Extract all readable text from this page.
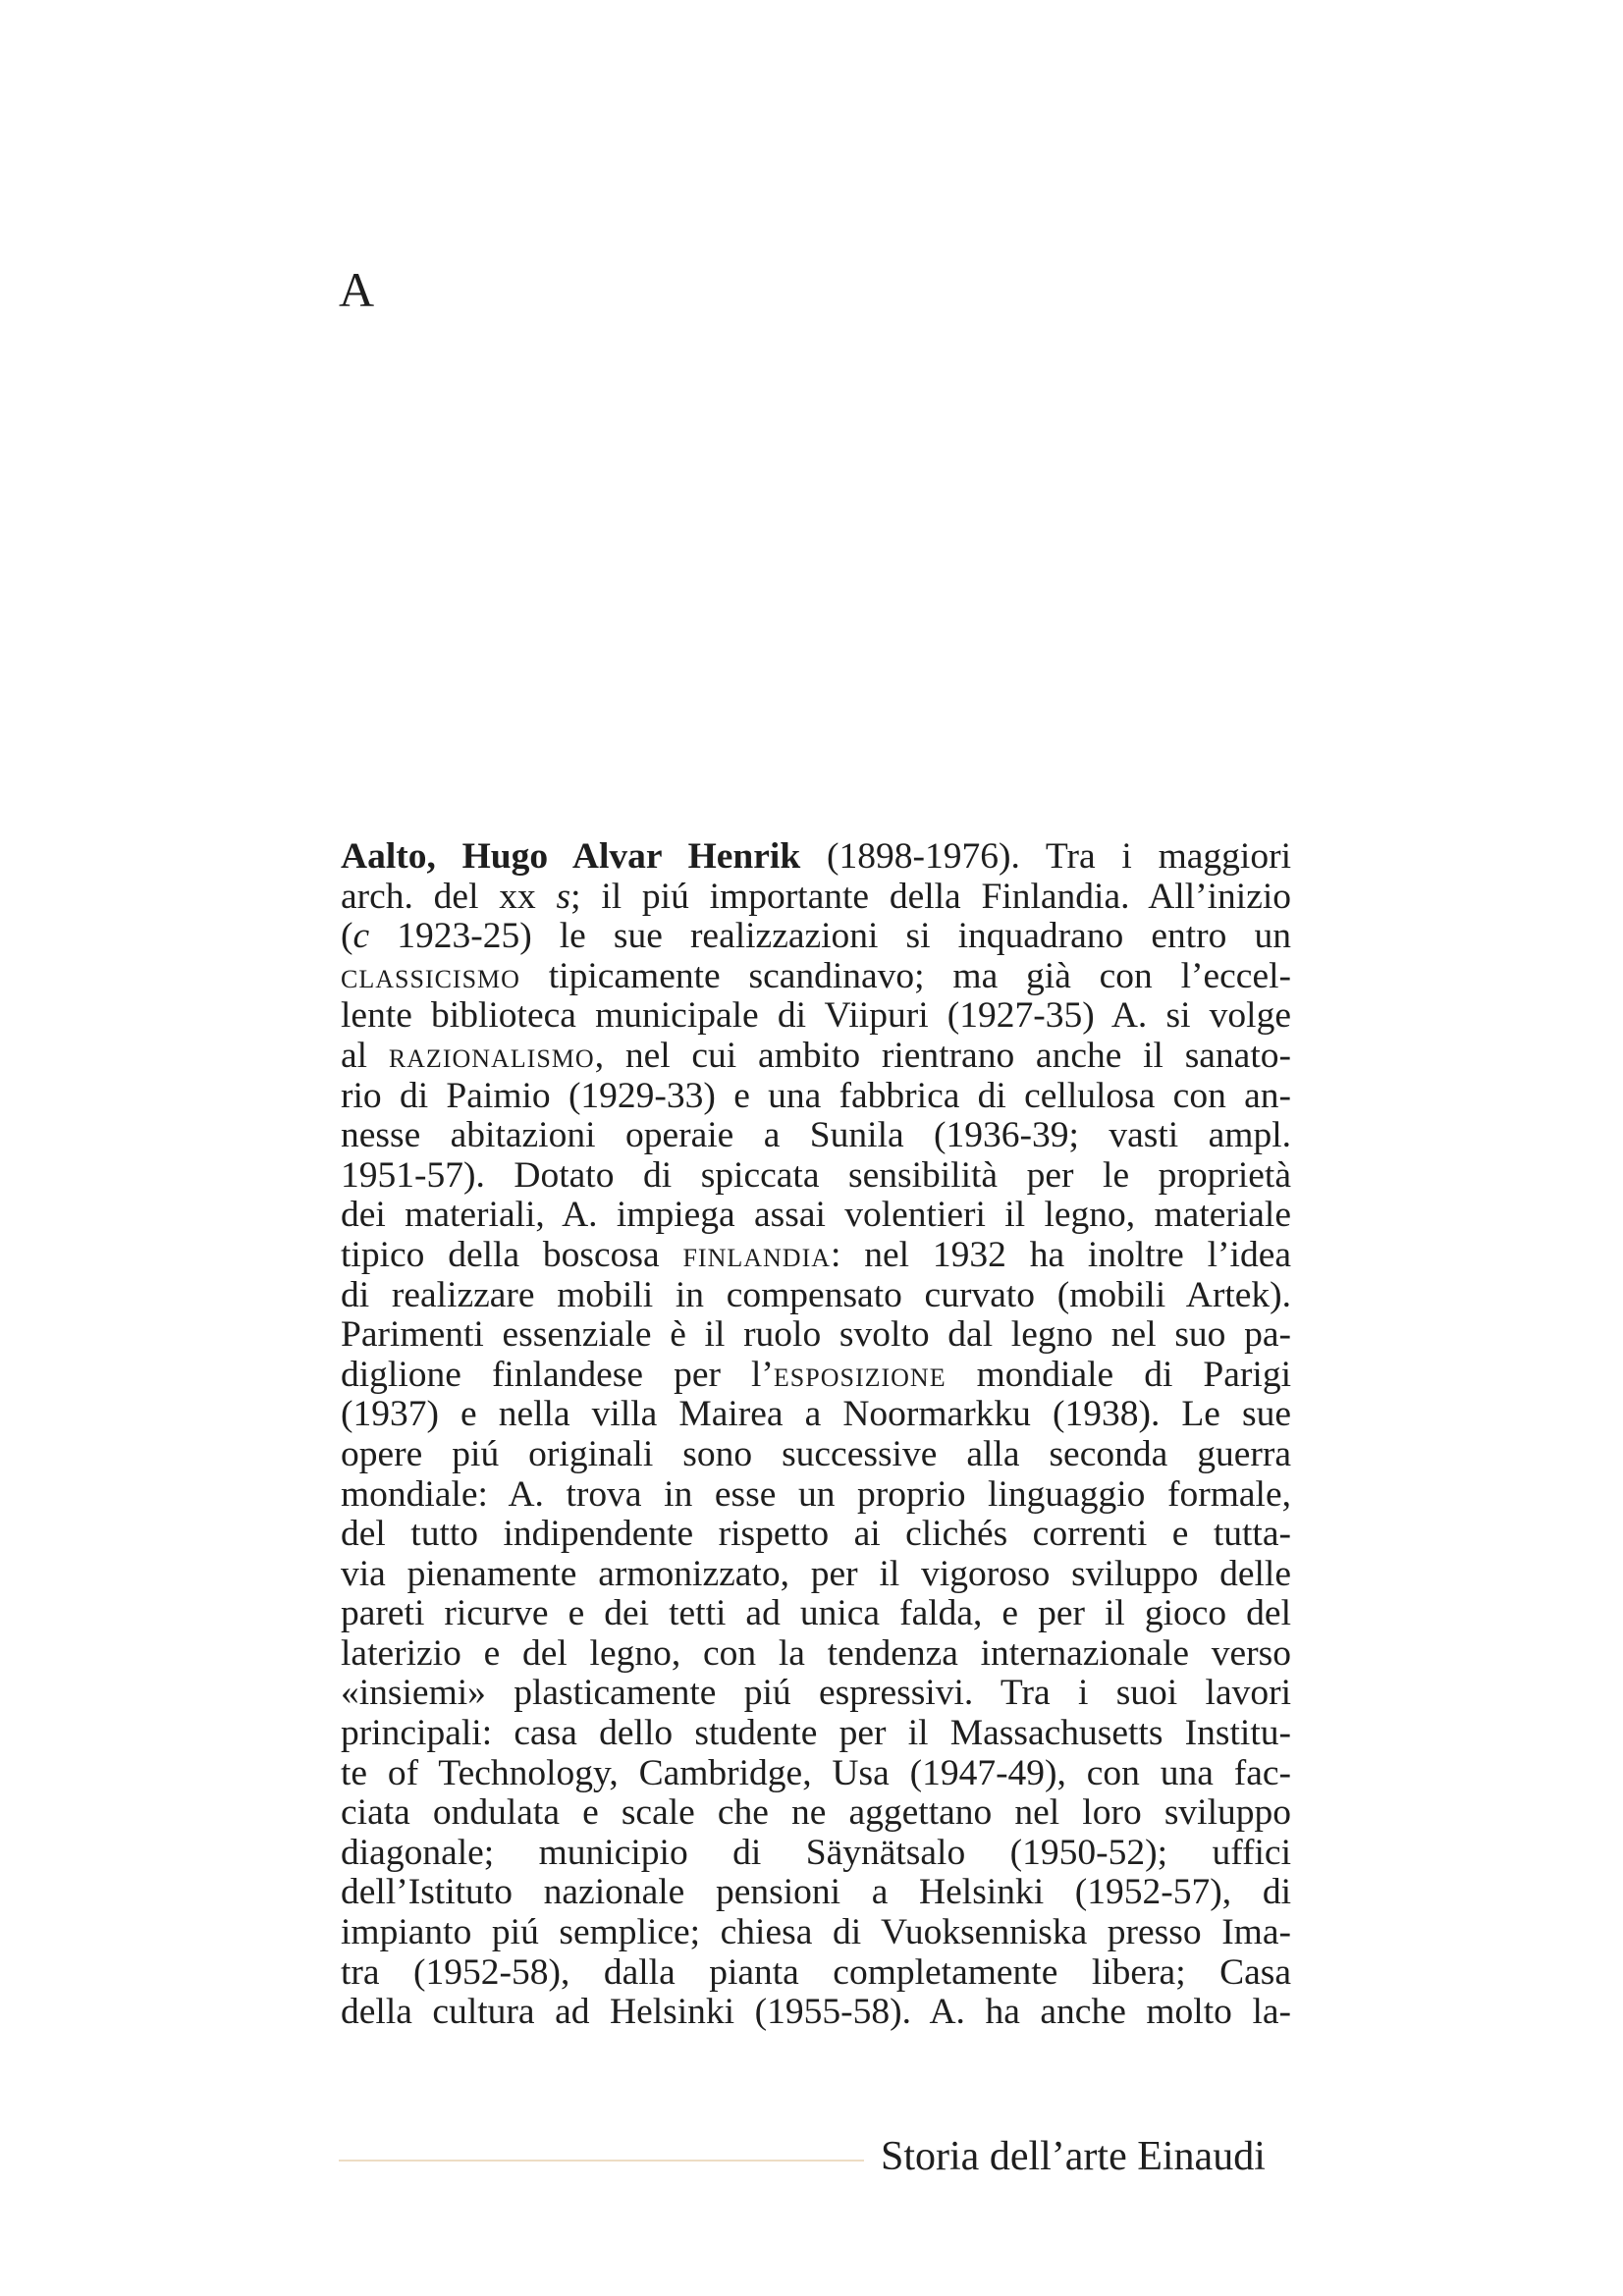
A
Aalto, Hugo Alvar Henrik (1898-1976). Tra i maggiori
arch. del xx s; il piú importante della Finlandia. All’inizio
(c 1923-25) le sue realizzazioni si inquadrano entro un
classicismo tipicamente scandinavo; ma già con l’eccel-
lente biblioteca municipale di Viipuri (1927-35) A. si volge
al razionalismo, nel cui ambito rientrano anche il sanato-
rio di Paimio (1929-33) e una fabbrica di cellulosa con an-
nesse abitazioni operaie a Sunila (1936-39; vasti ampl.
1951-57). Dotato di spiccata sensibilità per le proprietà
dei materiali, A. impiega assai volentieri il legno, materiale
tipico della boscosa finlandia: nel 1932 ha inoltre l’idea
di realizzare mobili in compensato curvato (mobili Artek).
Parimenti essenziale è il ruolo svolto dal legno nel suo pa-
diglione finlandese per l’esposizione mondiale di Parigi
(1937) e nella villa Mairea a Noormarkku (1938). Le sue
opere piú originali sono successive alla seconda guerra
mondiale: A. trova in esse un proprio linguaggio formale,
del tutto indipendente rispetto ai clichés correnti e tutta-
via pienamente armonizzato, per il vigoroso sviluppo delle
pareti ricurve e dei tetti ad unica falda, e per il gioco del
laterizio e del legno, con la tendenza internazionale verso
«insiemi» plasticamente piú espressivi. Tra i suoi lavori
principali: casa dello studente per il Massachusetts Institu-
te of Technology, Cambridge, Usa (1947-49), con una fac-
ciata ondulata e scale che ne aggettano nel loro sviluppo
diagonale; municipio di Säynätsalo (1950-52); uffici
dell’Istituto nazionale pensioni a Helsinki (1952-57), di
impianto piú semplice; chiesa di Vuoksenniska presso Ima-
tra (1952-58), dalla pianta completamente libera; Casa
della cultura ad Helsinki (1955-58). A. ha anche molto la-
Storia dell’arte Einaudi
